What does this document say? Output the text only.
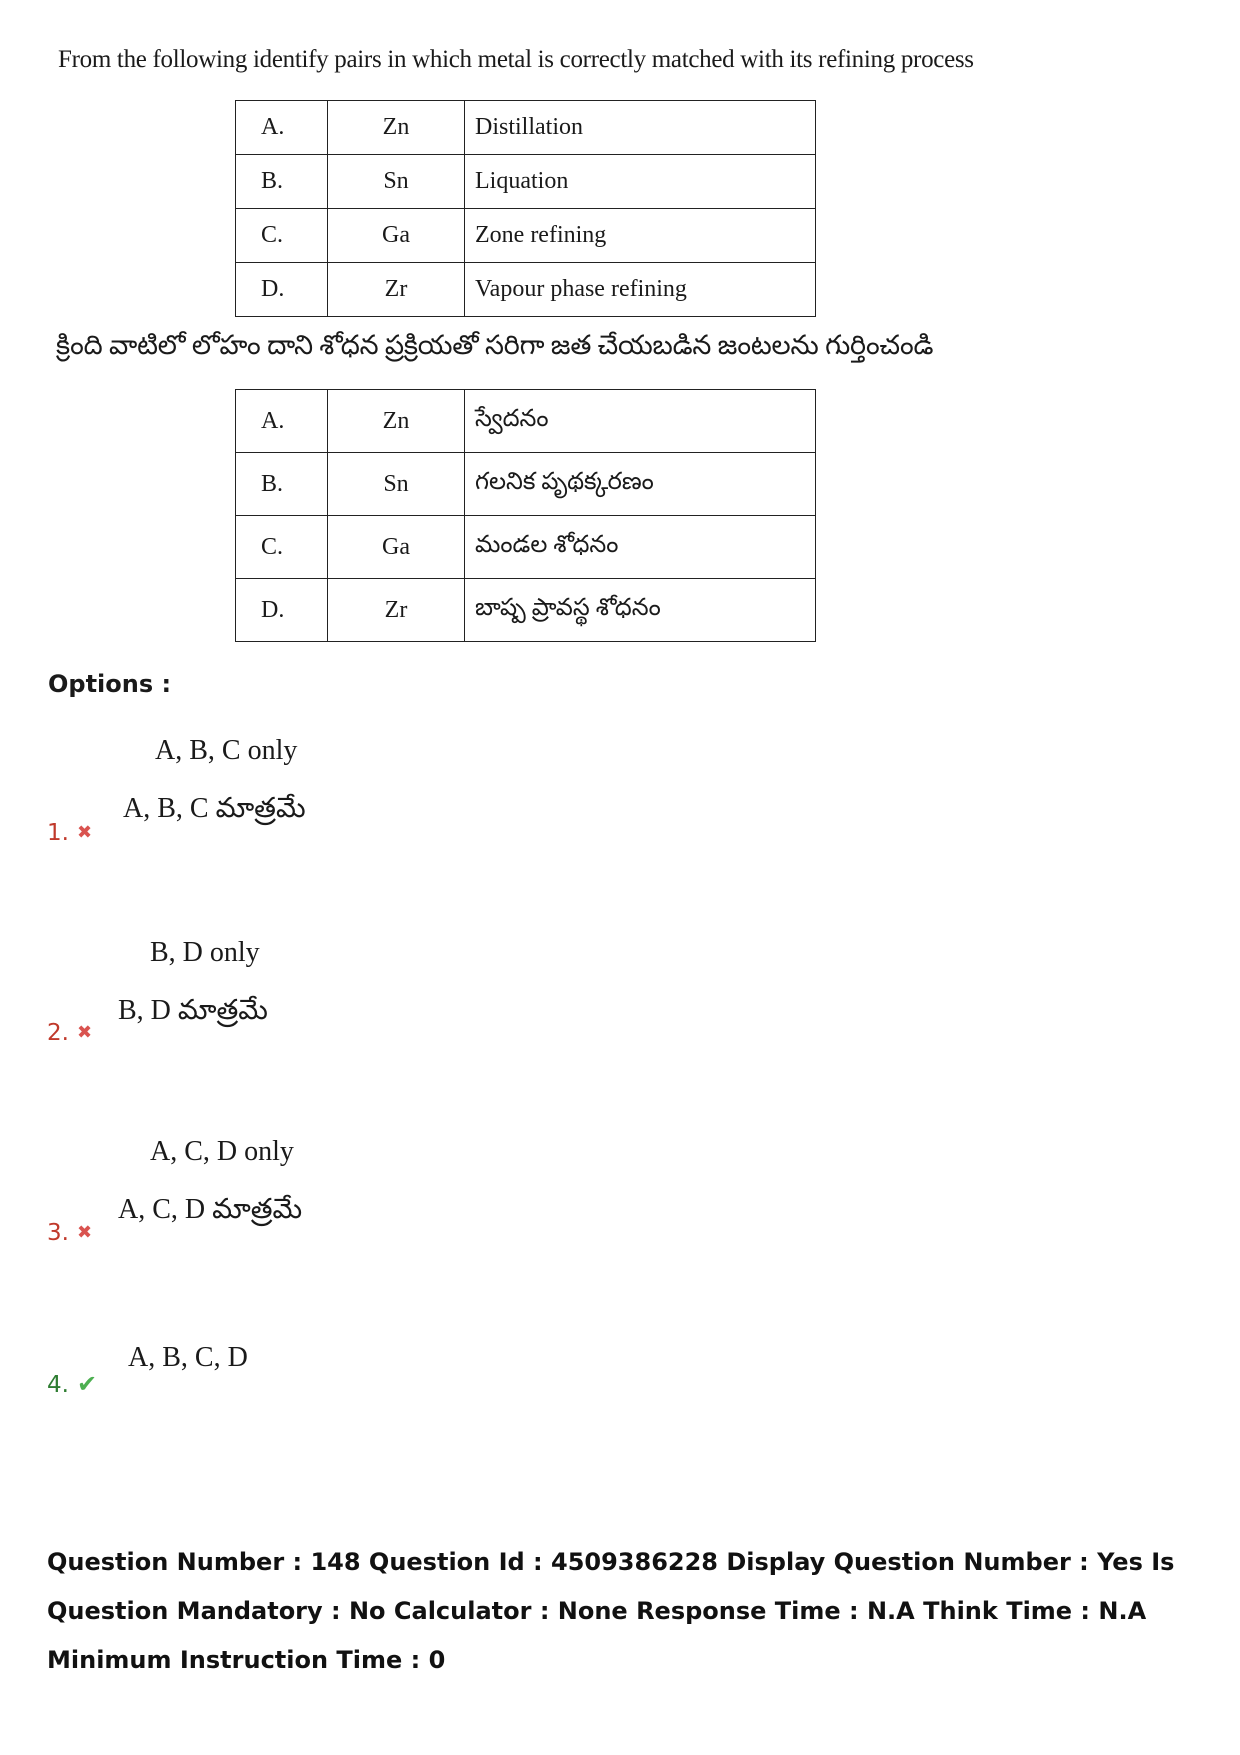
From the following identify pairs in which metal is correctly matched with its refining process
A.	Zn	Distillation
B.	Sn	Liquation
C.	Ga	Zone refining
D.	Zr	Vapour phase refining
క్రింది వాటిలో లోహం దాని శోధన ప్రక్రియతో సరిగా జత చేయబడిన జంటలను గుర్తించండి
A.	Zn	స్వేదనం
B.	Sn	గలనిక పృథక్కరణం
C.	Ga	మండల శోధనం
D.	Zr	బాష్ప ప్రావస్థ శోధనం
Options :
A, B, C only
A, B, C మాత్రమే
1. ✖
B, D only
B, D మాత్రమే
2. ✖
A, C, D only
A, C, D మాత్రమే
3. ✖
A, B, C, D
4. ✔
Question Number : 148 Question Id : 4509386228 Display Question Number : Yes Is Question Mandatory : No Calculator : None Response Time : N.A Think Time : N.A Minimum Instruction Time : 0
